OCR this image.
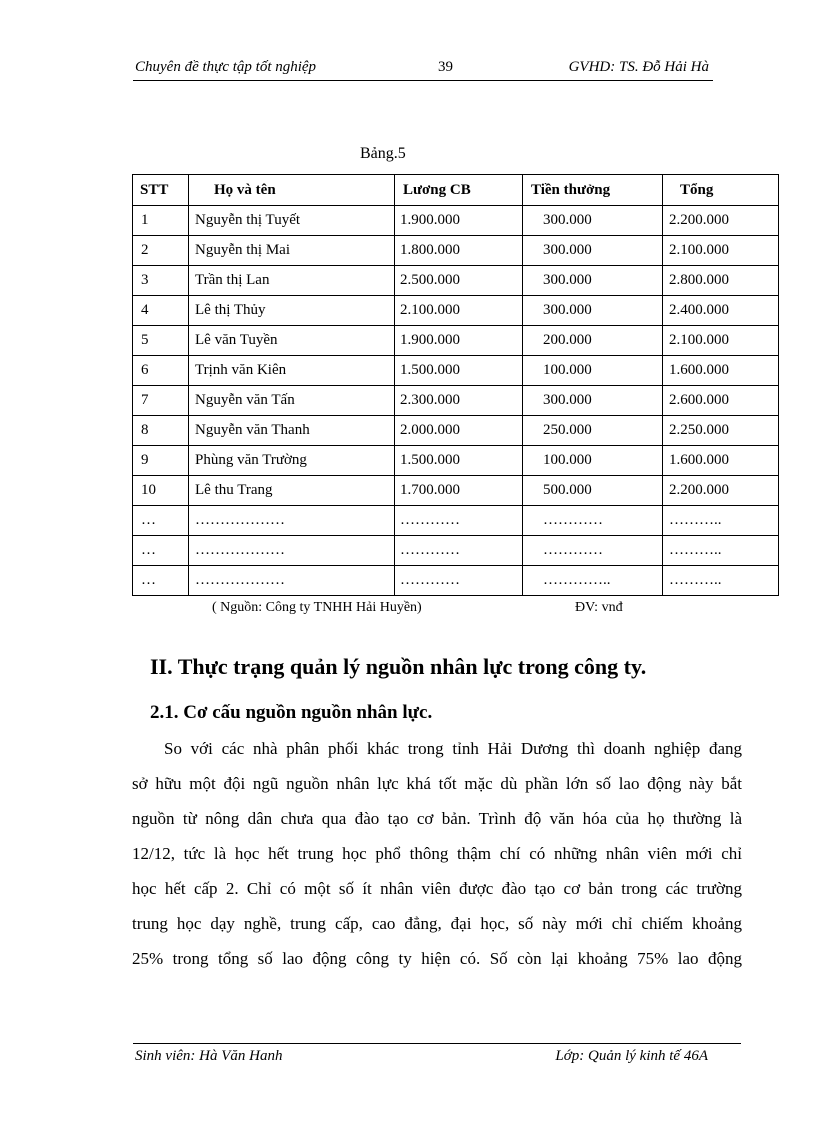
Chuyên đề thực tập tốt nghiệp	39	GVHD: TS. Đỗ Hải Hà
Bảng.5
STT	Họ và tên	Lương CB	Tiền thưởng	Tổng
1	Nguyễn thị Tuyết	1.900.000	300.000	2.200.000
2	Nguyễn thị Mai	1.800.000	300.000	2.100.000
3	Trần thị Lan	2.500.000	300.000	2.800.000
4	Lê thị Thủy	2.100.000	300.000	2.400.000
5	Lê văn Tuyền	1.900.000	200.000	2.100.000
6	Trịnh văn Kiên	1.500.000	100.000	1.600.000
7	Nguyễn văn Tấn	2.300.000	300.000	2.600.000
8	Nguyễn văn Thanh	2.000.000	250.000	2.250.000
9	Phùng văn Trường	1.500.000	100.000	1.600.000
10	Lê thu Trang	1.700.000	500.000	2.200.000
…	………………	…………	…………	………..
…	………………	…………	…………	………..
…	………………	…………	…………..	………..
( Nguồn: Công ty TNHH Hải Huyền)	ĐV: vnđ
II. Thực trạng quản lý nguồn nhân lực trong công ty.
2.1. Cơ cấu nguồn nguồn nhân lực.
So với các nhà phân phối khác trong tỉnh Hải Dương thì doanh nghiệp đang
sở hữu một đội ngũ nguồn nhân lực khá tốt mặc dù phần lớn số lao động này bắt
nguồn từ nông dân chưa qua đào tạo cơ bản. Trình độ văn hóa của họ thường là
12/12, tức là học hết trung học phổ thông thậm chí có những nhân viên mới chỉ
học hết cấp 2. Chỉ có một số ít nhân viên được đào tạo cơ bản trong các trường
trung học dạy nghề, trung cấp, cao đẳng, đại học, số này mới chỉ chiếm khoảng
25% trong tổng số lao động công ty hiện có. Số còn lại khoảng 75% lao động
Sinh viên: Hà Văn Hanh	Lớp: Quản lý kinh tế 46A
